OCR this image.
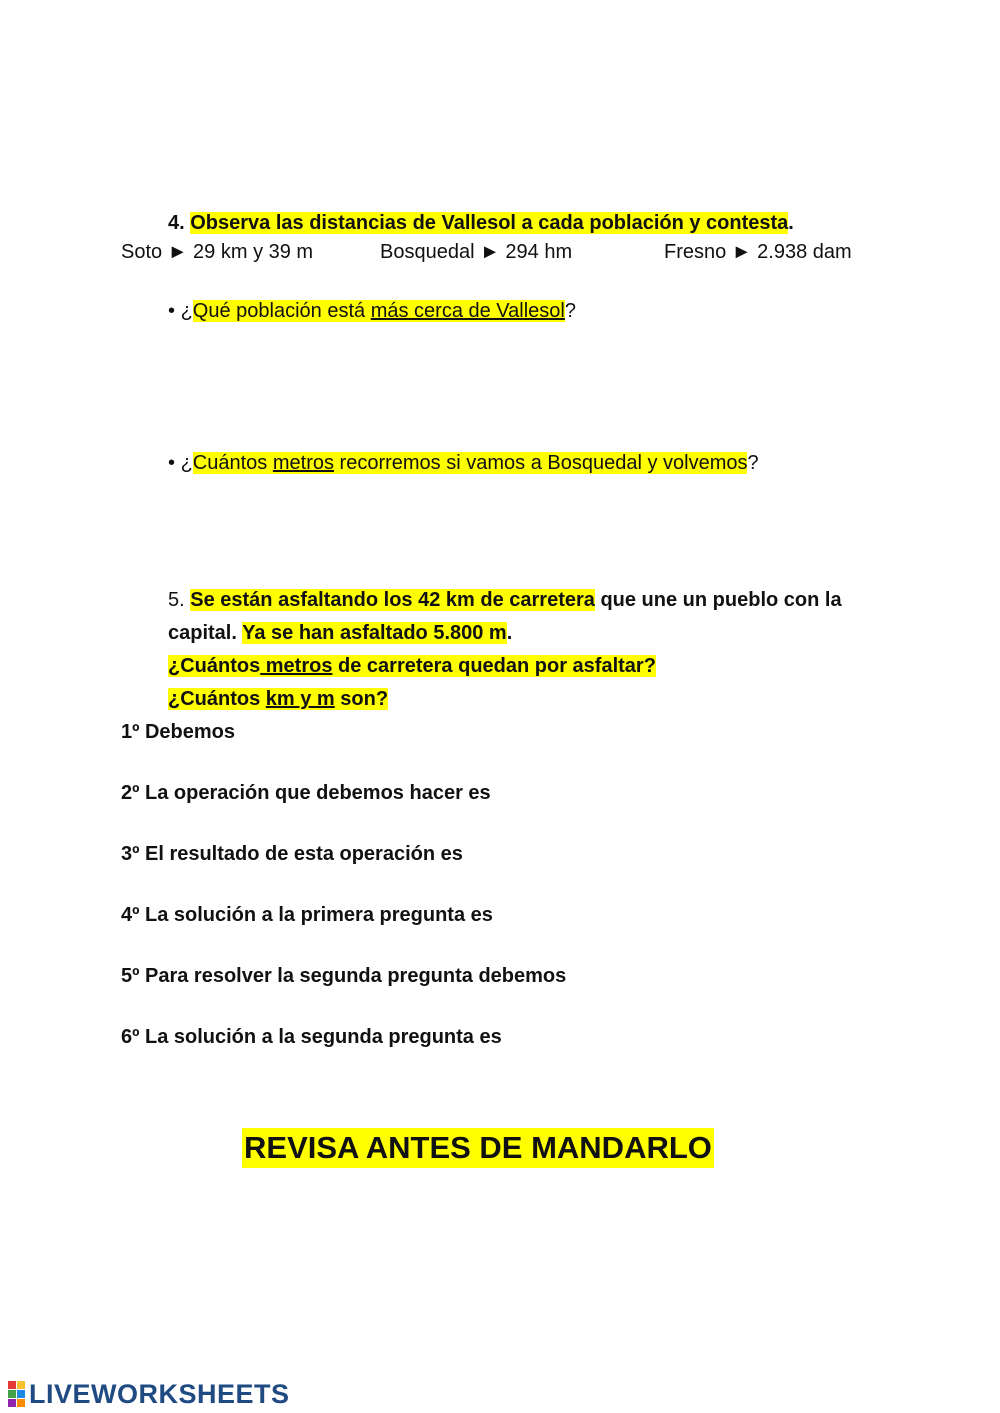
4. Observa las distancias de Vallesol a cada población y contesta.
Soto ► 29 km y 39 m	Bosquedal ► 294 hm	Fresno ► 2.938 dam
• ¿Qué población está más cerca de Vallesol?
• ¿Cuántos metros recorremos si vamos a Bosquedal y volvemos?
5. Se están asfaltando los 42 km de carretera que une un pueblo con la
capital. Ya se han asfaltado 5.800 m.
¿Cuántos metros de carretera quedan por asfaltar?
¿Cuántos km y m son?
1º Debemos
2º La operación que debemos hacer es
3º El resultado de esta operación es
4º La solución a la primera pregunta es
5º Para resolver la segunda pregunta debemos
6º La solución a la segunda pregunta es
REVISA ANTES DE MANDARLO
LIVEWORKSHEETS
